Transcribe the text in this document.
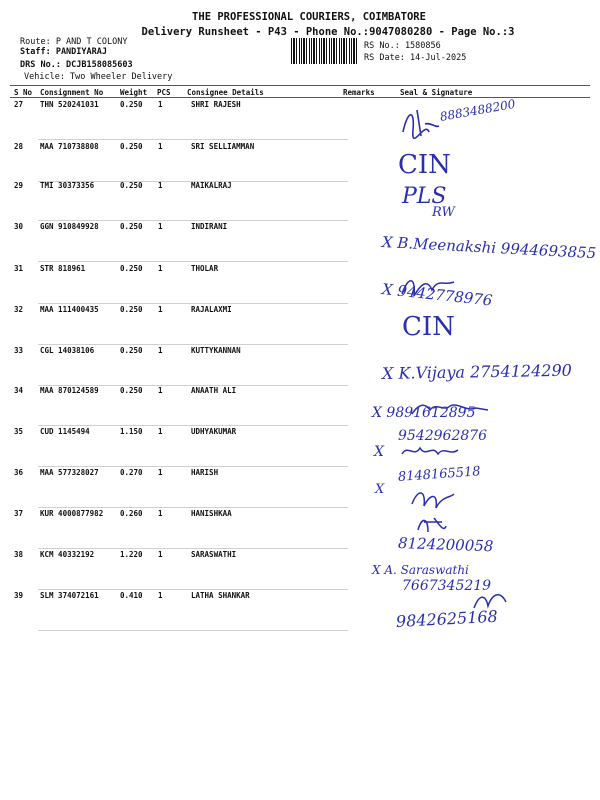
THE PROFESSIONAL COURIERS, COIMBATORE
Delivery Runsheet - P43 - Phone No.:9047080280 - Page No.:3
Route: P AND T COLONY
Staff: PANDIYARAJ
DRS No.: DCJB158085603
Vehicle: Two Wheeler Delivery
RS No.: 1580856
RS Date: 14-Jul-2025
S No Consignment No Weight PCS Consignee Details	Remarks	Seal & Signature
27 THN 520241031	0.250 1	SHRI RAJESH
28 MAA 710738808	0.250 1	SRI SELLIAMMAN
29 TMI 30373356	0.250 1	MAIKALRAJ
30 GGN 910849928	0.250 1	INDIRANI
31 STR 818961	0.250 1	THOLAR
32 MAA 111400435	0.250 1	RAJALAXMI
33 CGL 14038106	0.250 1	KUTTYKANNAN
34 MAA 870124589	0.250 1	ANAATH ALI
35 CUD 1145494	1.150 1	UDHYAKUMAR
36 MAA 577328027	0.270 1	HARISH
37 KUR 4000877982 0.260 1	HANISHKAA
38 KCM 40332192	1.220 1	SARASWATHI
39 SLM 374072161	0.410 1	LATHA SHANKAR
8883488200
CIN
PLS
RW
X B.Meenakshi 9944693855
X 9442778976
CIN
X K.Vijaya 2754124290
X 9891612895
9542962876
X
8148165518
X
8124200058
X A. Saraswathi
7667345219
9842625168
